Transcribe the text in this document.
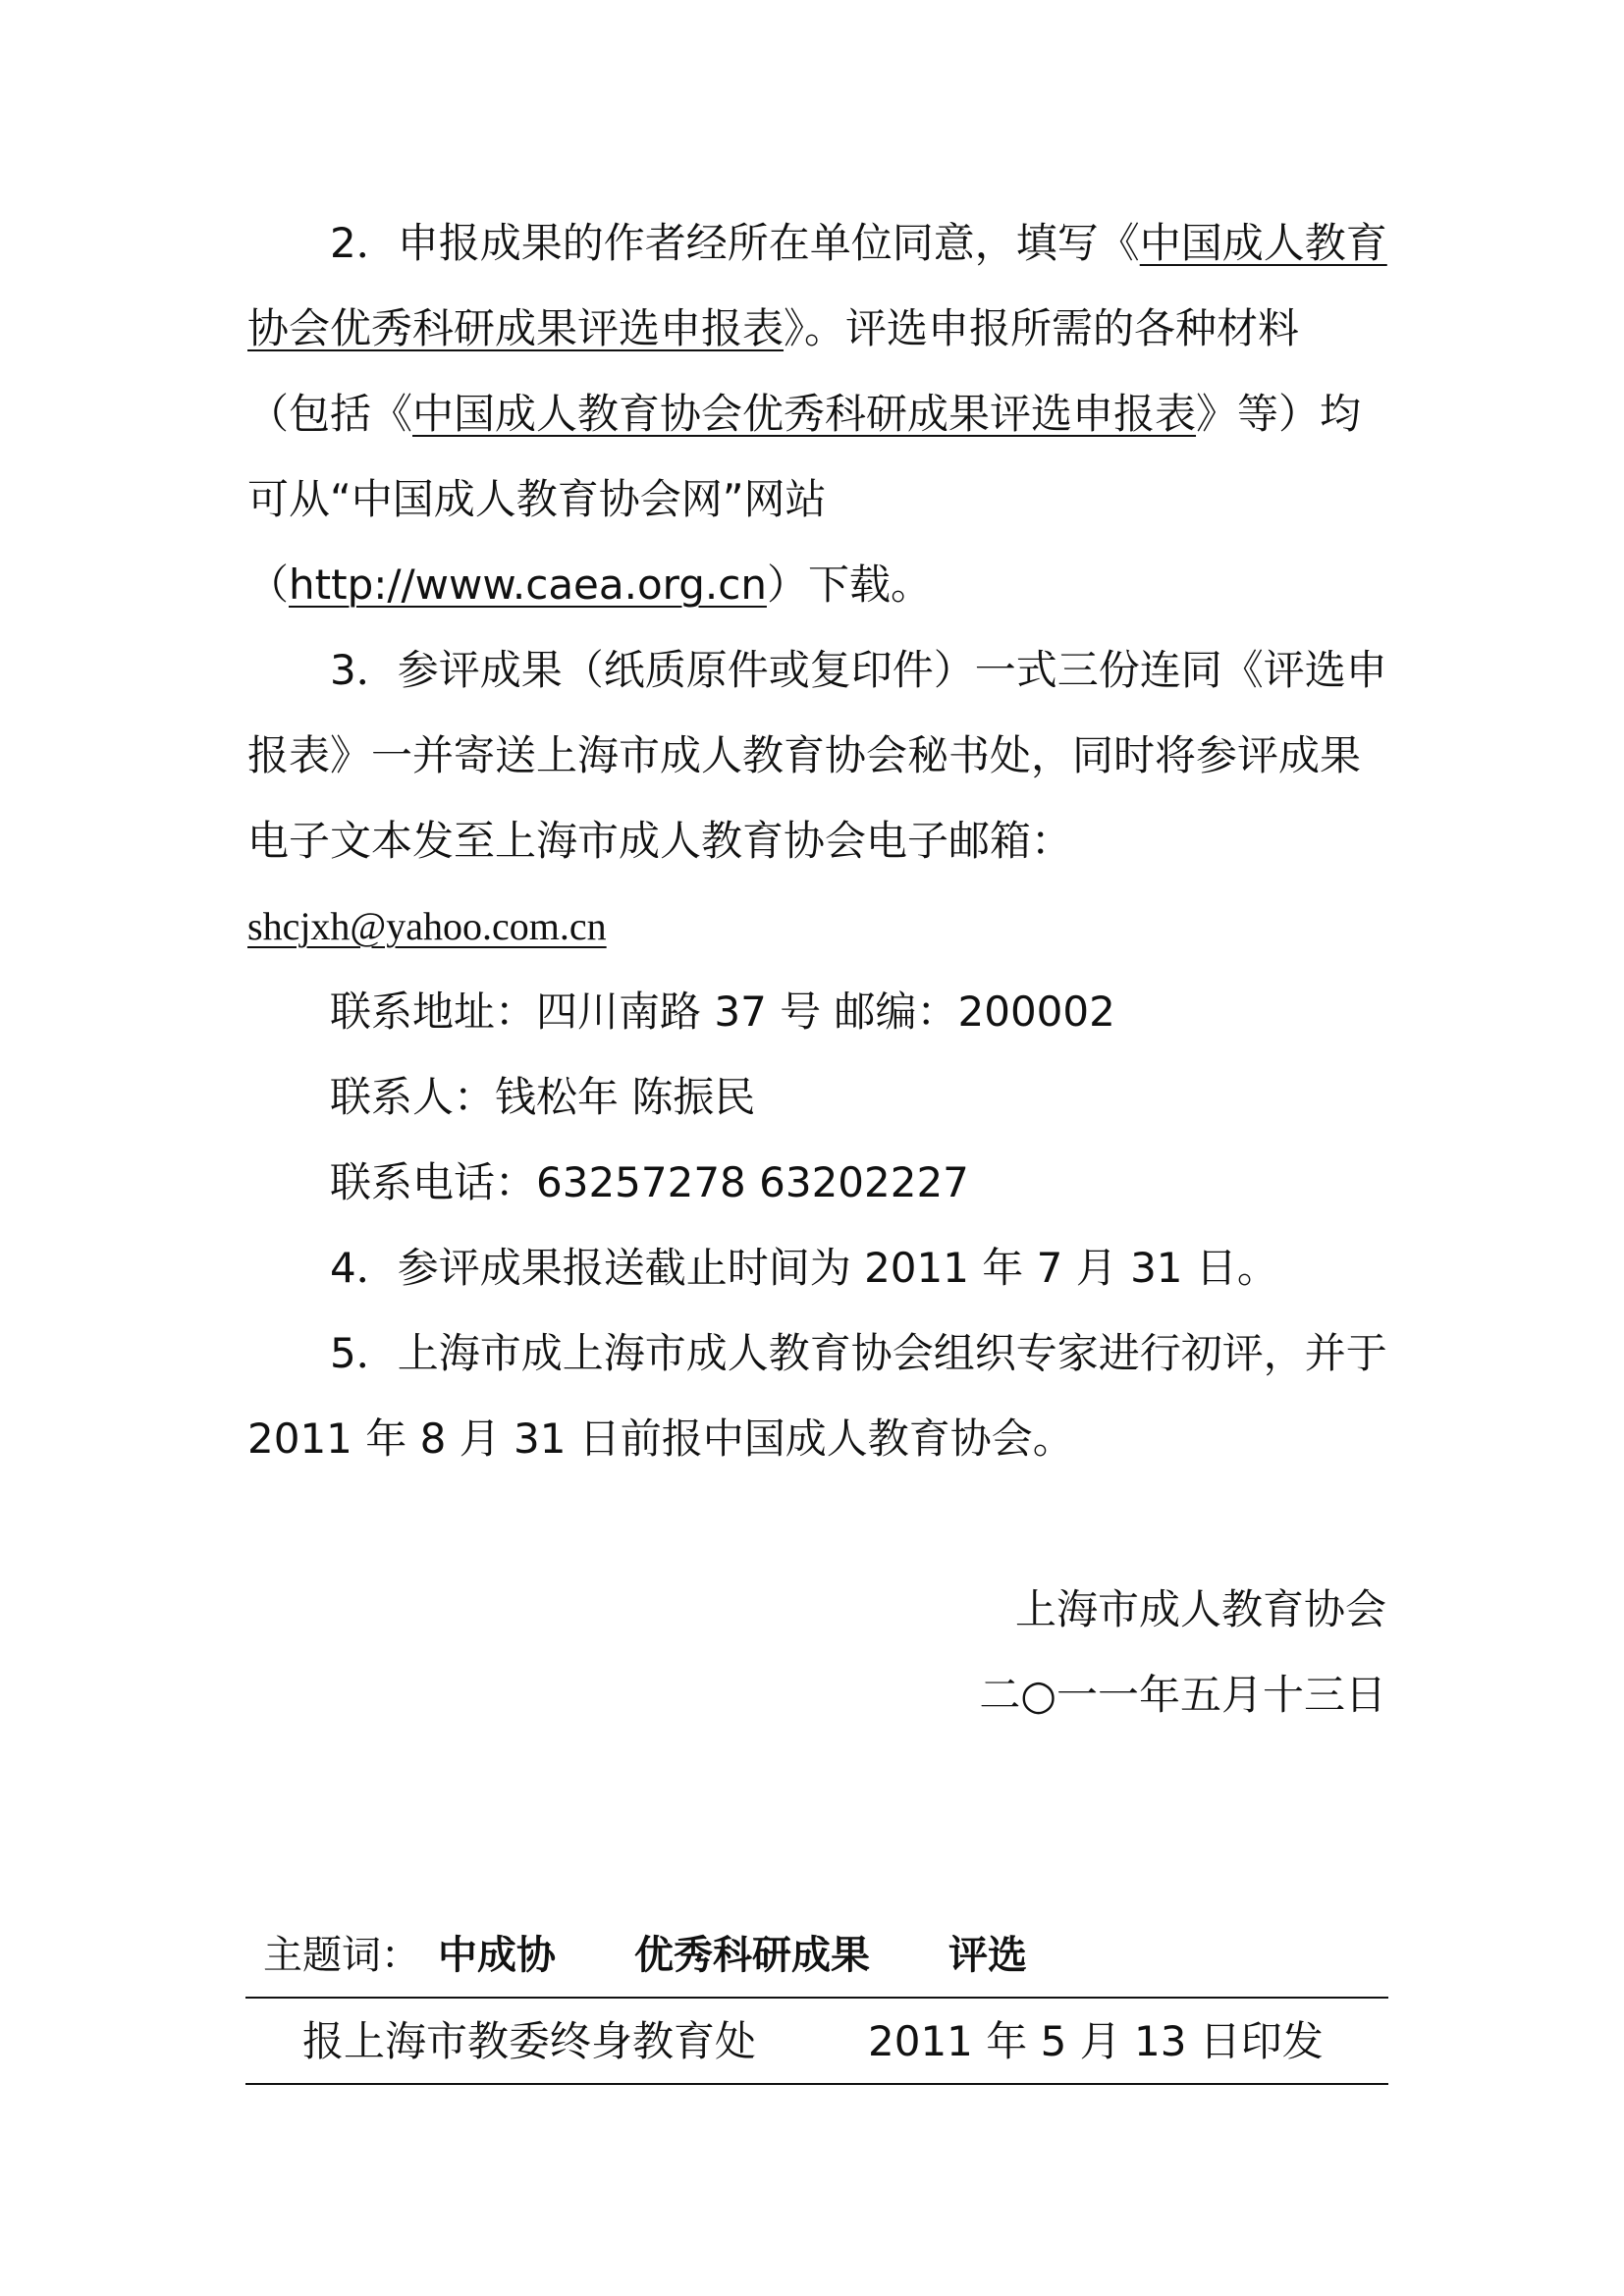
2．申报成果的作者经所在单位同意，填写《中国成人教育
协会优秀科研成果评选申报表》。评选申报所需的各种材料
（包括《中国成人教育协会优秀科研成果评选申报表》等）均
可从“中国成人教育协会网”网站
（http://www.caea.org.cn）下载。
3．参评成果（纸质原件或复印件）一式三份连同《评选申
报表》一并寄送上海市成人教育协会秘书处，同时将参评成果
电子文本发至上海市成人教育协会电子邮箱：
shcjxh@yahoo.com.cn
联系地址：四川南路 37 号 邮编：200002
联系人：钱松年 陈振民
联系电话：63257278 63202227
4．参评成果报送截止时间为 2011 年 7 月 31 日。
5．上海市成上海市成人教育协会组织专家进行初评，并于
2011 年 8 月 31 日前报中国成人教育协会。
上海市成人教育协会
二○一一年五月十三日
主题词： 中成协 优秀科研成果 评选
报上海市教委终身教育处	2011 年 5 月 13 日印发
